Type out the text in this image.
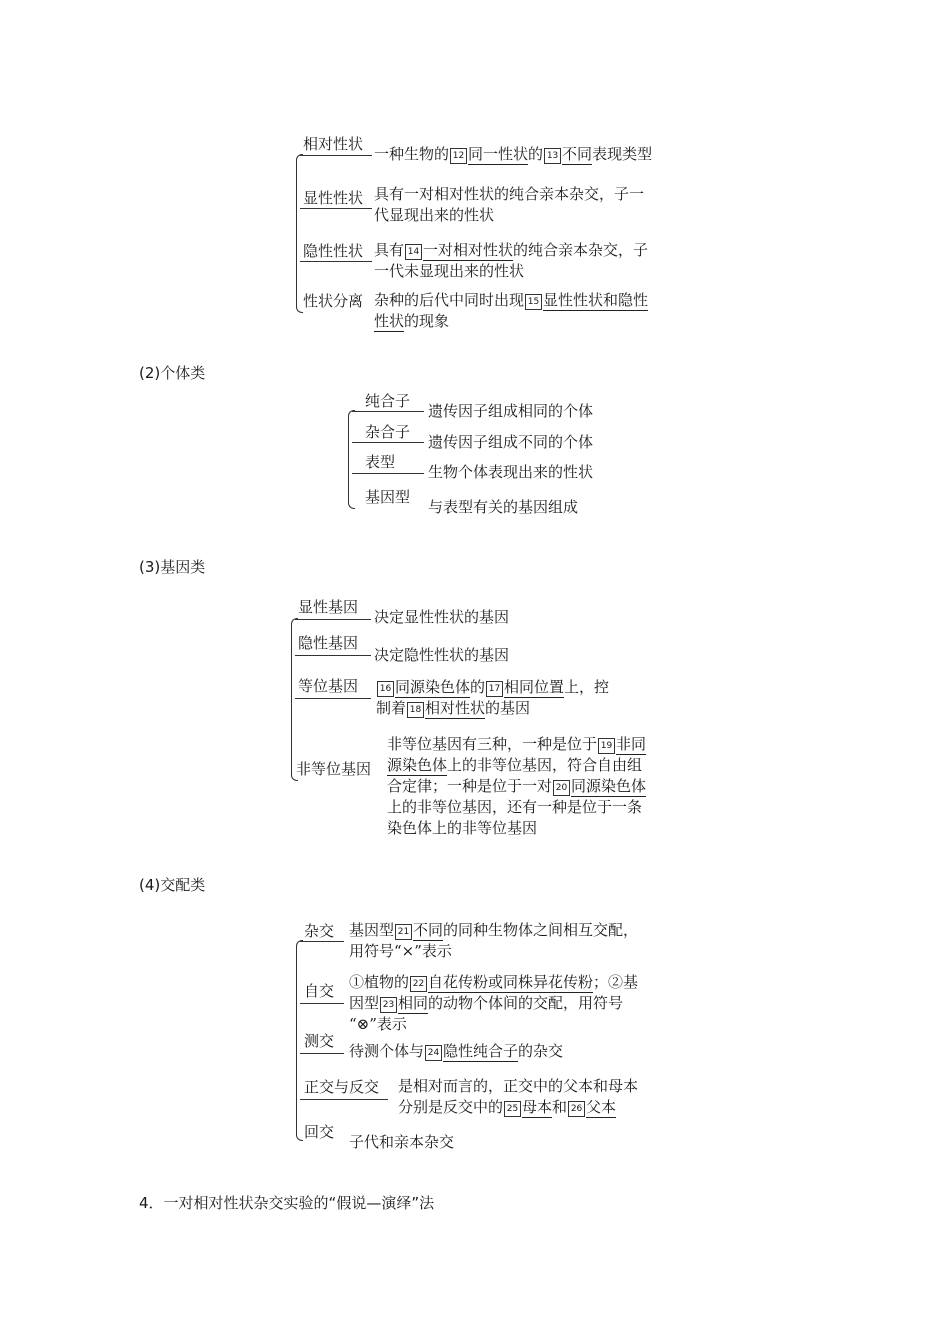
相对性状
一种生物的 12 同一性状的 13 不同表现类型
显性性状 具有一对相对性状的纯合亲本杂交，子一
代显现出来的性状
隐性性状 具有 14 一对相对性状的纯合亲本杂交，子
一代未显现出来的性状
性状分离 杂种的后代中同时出现 15 显性性状和隐性
性状的现象
(2)个体类
纯合子
遗传因子组成相同的个体
杂合子
遗传因子组成不同的个体
表型
生物个体表现出来的性状
基因型
与表型有关的基因组成
(3)基因类
显性基因
决定显性性状的基因
隐性基因
决定隐性性状的基因
等位基因	16 同源染色体的 17 相同位置上，控
制着 18 相对性状的基因
非等位基因
非等位基因有三种，一种是位于 19 非同
源染色体上的非等位基因，符合自由组
合定律；一种是位于一对 20 同源染色体
上的非等位基因，还有一种是位于一条
染色体上的非等位基因
(4)交配类
杂交 基因型 21 不同的同种生物体之间相互交配，
用符号“×”表示
自交 ①植物的 22 自花传粉或同株异花传粉；②基
因型 23 相同的动物个体间的交配，用符号
“⊗”表示
测交
待测个体与 24 隐性纯合子的杂交
正交与反交 是相对而言的，正交中的父本和母本
分别是反交中的 25 母本和 26 父本
回交
子代和亲本杂交
4．一对相对性状杂交实验的“假说—演绎”法
